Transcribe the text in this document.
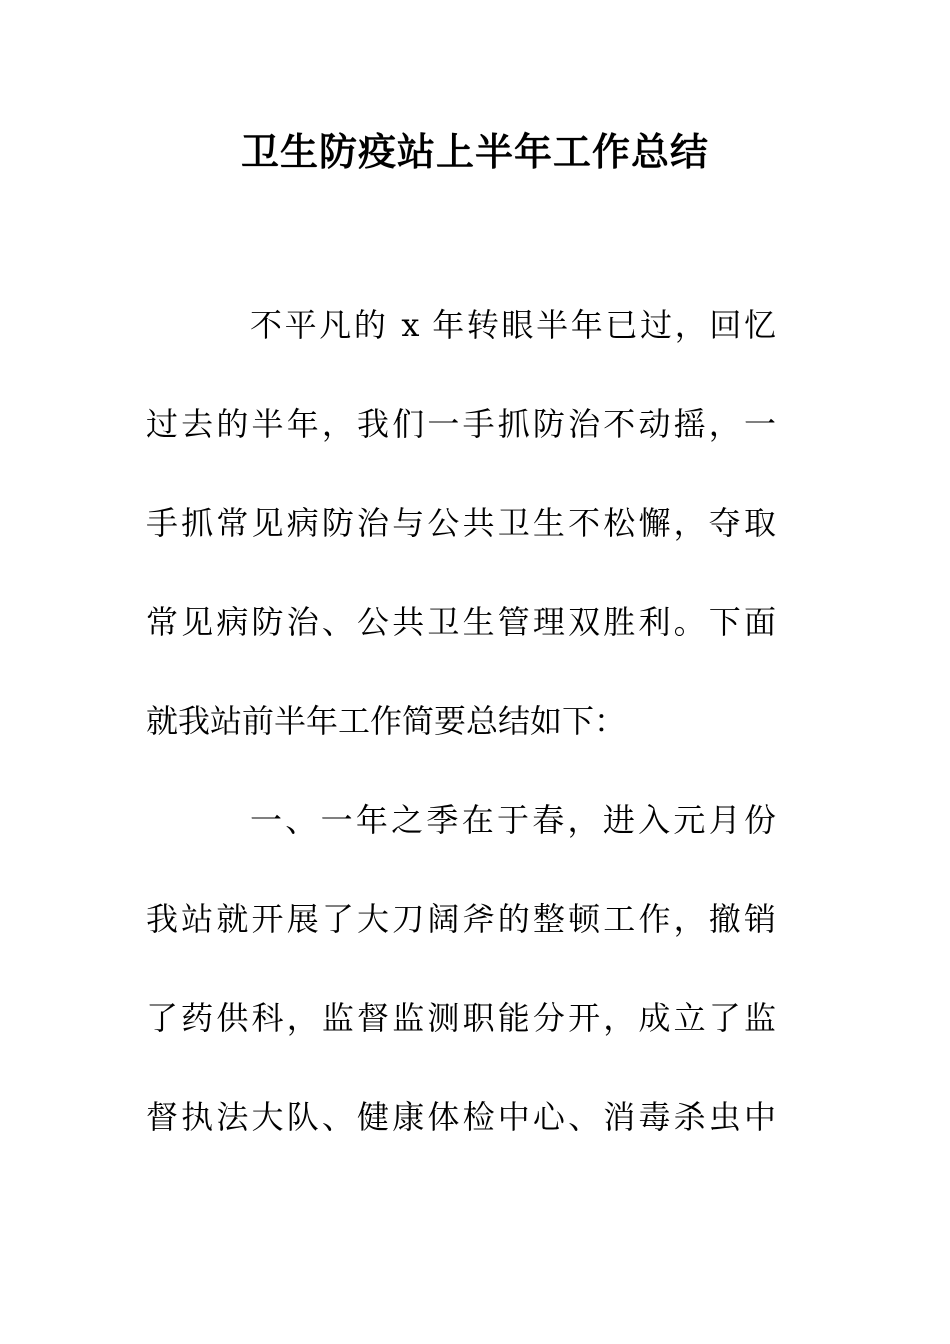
卫生防疫站上半年工作总结
不平凡的 x 年转眼半年已过，回忆
过去的半年，我们一手抓防治不动摇，一
手抓常见病防治与公共卫生不松懈，夺取
常见病防治、公共卫生管理双胜利。下面
就我站前半年工作简要总结如下：
一、一年之季在于春，进入元月份
我站就开展了大刀阔斧的整顿工作，撤销
了药供科，监督监测职能分开，成立了监
督执法大队、健康体检中心、消毒杀虫中
